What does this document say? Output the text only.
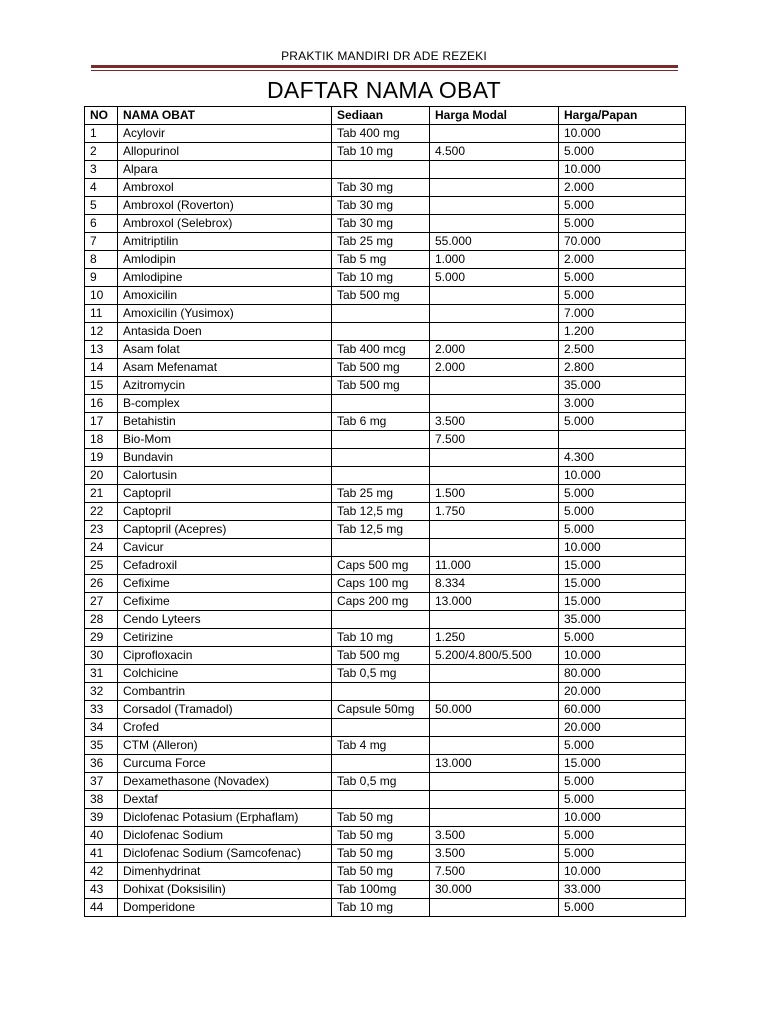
PRAKTIK MANDIRI DR ADE REZEKI
DAFTAR NAMA OBAT
NO	NAMA OBAT	Sediaan	Harga Modal	Harga/Papan
1	Acylovir	Tab 400 mg		10.000
2	Allopurinol	Tab 10 mg	4.500	5.000
3	Alpara			10.000
4	Ambroxol	Tab 30 mg		2.000
5	Ambroxol (Roverton)	Tab 30 mg		5.000
6	Ambroxol (Selebrox)	Tab 30 mg		5.000
7	Amitriptilin	Tab 25 mg	55.000	70.000
8	Amlodipin	Tab 5 mg	1.000	2.000
9	Amlodipine	Tab 10 mg	5.000	5.000
10	Amoxicilin	Tab 500 mg		5.000
11	Amoxicilin (Yusimox)			7.000
12	Antasida Doen			1.200
13	Asam folat	Tab 400 mcg	2.000	2.500
14	Asam Mefenamat	Tab 500 mg	2.000	2.800
15	Azitromycin	Tab 500 mg		35.000
16	B-complex			3.000
17	Betahistin	Tab 6 mg	3.500	5.000
18	Bio-Mom		7.500	
19	Bundavin			4.300
20	Calortusin			10.000
21	Captopril	Tab 25 mg	1.500	5.000
22	Captopril	Tab 12,5 mg	1.750	5.000
23	Captopril (Acepres)	Tab 12,5 mg		5.000
24	Cavicur			10.000
25	Cefadroxil	Caps 500 mg	11.000	15.000
26	Cefixime	Caps 100 mg	8.334	15.000
27	Cefixime	Caps 200 mg	13.000	15.000
28	Cendo Lyteers			35.000
29	Cetirizine	Tab 10 mg	1.250	5.000
30	Ciprofloxacin	Tab 500 mg	5.200/4.800/5.500	10.000
31	Colchicine	Tab 0,5 mg		80.000
32	Combantrin			20.000
33	Corsadol (Tramadol)	Capsule 50mg	50.000	60.000
34	Crofed			20.000
35	CTM (Alleron)	Tab 4 mg		5.000
36	Curcuma Force		13.000	15.000
37	Dexamethasone (Novadex)	Tab 0,5 mg		5.000
38	Dextaf			5.000
39	Diclofenac Potasium (Erphaflam)	Tab 50 mg		10.000
40	Diclofenac Sodium	Tab 50 mg	3.500	5.000
41	Diclofenac Sodium (Samcofenac)	Tab 50 mg	3.500	5.000
42	Dimenhydrinat	Tab 50 mg	7.500	10.000
43	Dohixat (Doksisilin)	Tab 100mg	30.000	33.000
44	Domperidone	Tab 10 mg		5.000
